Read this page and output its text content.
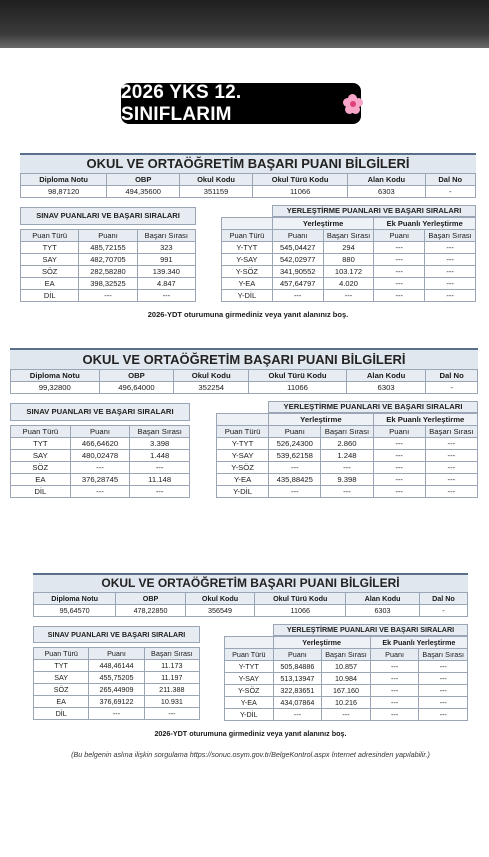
2026 YKS 12. SINIFLARIM
OKUL VE ORTAÖĞRETİM BAŞARI PUANI BİLGİLERİ
Diploma Notu	OBP	Okul Kodu	Okul Türü Kodu	Alan Kodu	Dal No
98,87120	494,35600	351159	11066	6303	-
SINAV PUANLARI VE BAŞARI SIRALARI
Puan Türü	Puanı	Başarı Sırası
TYT	485,72155	323
SAY	482,70705	991
SÖZ	282,58280	139.340
EA	398,32525	4.847
DİL	---	---
YERLEŞTİRME PUANLARI VE BAŞARI SIRALARI
	Yerleştirme		Ek Puanlı Yerleştirme	
Puan Türü	Puanı	Başarı Sırası	Puanı	Başarı Sırası
Y-TYT	545,04427	294	---	---
Y-SAY	542,02977	880	---	---
Y-SÖZ	341,90552	103.172	---	---
Y-EA	457,64797	4.020	---	---
Y-DİL	---	---	---	---
2026-YDT oturumuna girmediniz veya yanıt alanınız boş.
OKUL VE ORTAÖĞRETİM BAŞARI PUANI BİLGİLERİ
Diploma Notu	OBP	Okul Kodu	Okul Türü Kodu	Alan Kodu	Dal No
99,32800	496,64000	352254	11066	6303	-
SINAV PUANLARI VE BAŞARI SIRALARI
Puan Türü	Puanı	Başarı Sırası
TYT	466,64620	3.398
SAY	480,02478	1.448
SÖZ	---	---
EA	376,28745	11.148
DİL	---	---
YERLEŞTİRME PUANLARI VE BAŞARI SIRALARI
	Yerleştirme		Ek Puanlı Yerleştirme	
Puan Türü	Puanı	Başarı Sırası	Puanı	Başarı Sırası
Y-TYT	526,24300	2.860	---	---
Y-SAY	539,62158	1.248	---	---
Y-SÖZ	---	---	---	---
Y-EA	435,88425	9.398	---	---
Y-DİL	---	---	---	---
OKUL VE ORTAÖĞRETİM BAŞARI PUANI BİLGİLERİ
Diploma Notu	OBP	Okul Kodu	Okul Türü Kodu	Alan Kodu	Dal No
95,64570	478,22850	356549	11066	6303	-
SINAV PUANLARI VE BAŞARI SIRALARI
Puan Türü	Puanı	Başarı Sırası
TYT	448,46144	11.173
SAY	455,75205	11.197
SÖZ	265,44909	211.388
EA	376,69122	10.931
DİL	---	---
YERLEŞTİRME PUANLARI VE BAŞARI SIRALARI
	Yerleştirme		Ek Puanlı Yerleştirme	
Puan Türü	Puanı	Başarı Sırası	Puanı	Başarı Sırası
Y-TYT	505,84886	10.857	---	---
Y-SAY	513,13947	10.984	---	---
Y-SÖZ	322,83651	167.160	---	---
Y-EA	434,07864	10.216	---	---
Y-DİL	---	---	---	---
2026-YDT oturumuna girmediniz veya yanıt alanınız boş.
(Bu belgenin aslına ilişkin sorgulama https://sonuc.osym.gov.tr/BelgeKontrol.aspx İnternet adresinden yapılabilir.)
